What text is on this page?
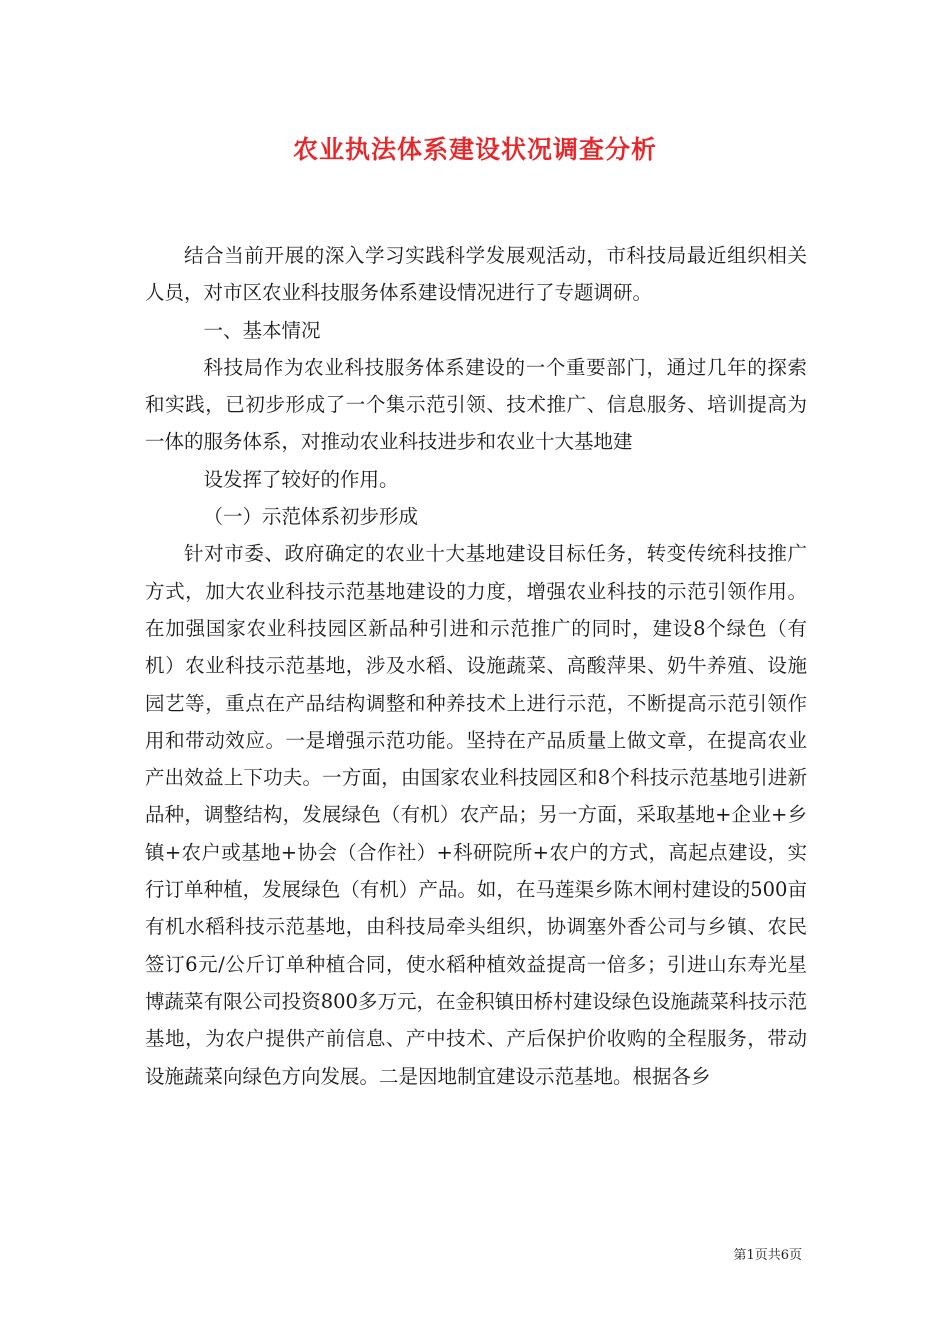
农业执法体系建设状况调查分析

结合当前开展的深入学习实践科学发展观活动，市科技局最近组织相关人员，对市区农业科技服务体系建设情况进行了专题调研。

一、基本情况

科技局作为农业科技服务体系建设的一个重要部门，通过几年的探索和实践，已初步形成了一个集示范引领、技术推广、信息服务、培训提高为一体的服务体系，对推动农业科技进步和农业十大基地建

设发挥了较好的作用。

（一）示范体系初步形成

针对市委、政府确定的农业十大基地建设目标任务，转变传统科技推广方式，加大农业科技示范基地建设的力度，增强农业科技的示范引领作用。在加强国家农业科技园区新品种引进和示范推广的同时，建设8个绿色（有机）农业科技示范基地，涉及水稻、设施蔬菜、高酸萍果、奶牛养殖、设施园艺等，重点在产品结构调整和种养技术上进行示范，不断提高示范引领作用和带动效应。一是增强示范功能。坚持在产品质量上做文章，在提高农业产出效益上下功夫。一方面，由国家农业科技园区和8个科技示范基地引进新品种，调整结构，发展绿色（有机）农产品；另一方面，采取基地+企业+乡镇+农户或基地+协会（合作社）+科研院所+农户的方式，高起点建设，实行订单种植，发展绿色（有机）产品。如，在马莲渠乡陈木闸村建设的500亩有机水稻科技示范基地，由科技局牵头组织，协调塞外香公司与乡镇、农民签订6元/公斤订单种植合同，使水稻种植效益提高一倍多；引进山东寿光星博蔬菜有限公司投资800多万元，在金积镇田桥村建设绿色设施蔬菜科技示范基地，为农户提供产前信息、产中技术、产后保护价收购的全程服务，带动设施蔬菜向绿色方向发展。二是因地制宜建设示范基地。根据各乡

第1页共6页
